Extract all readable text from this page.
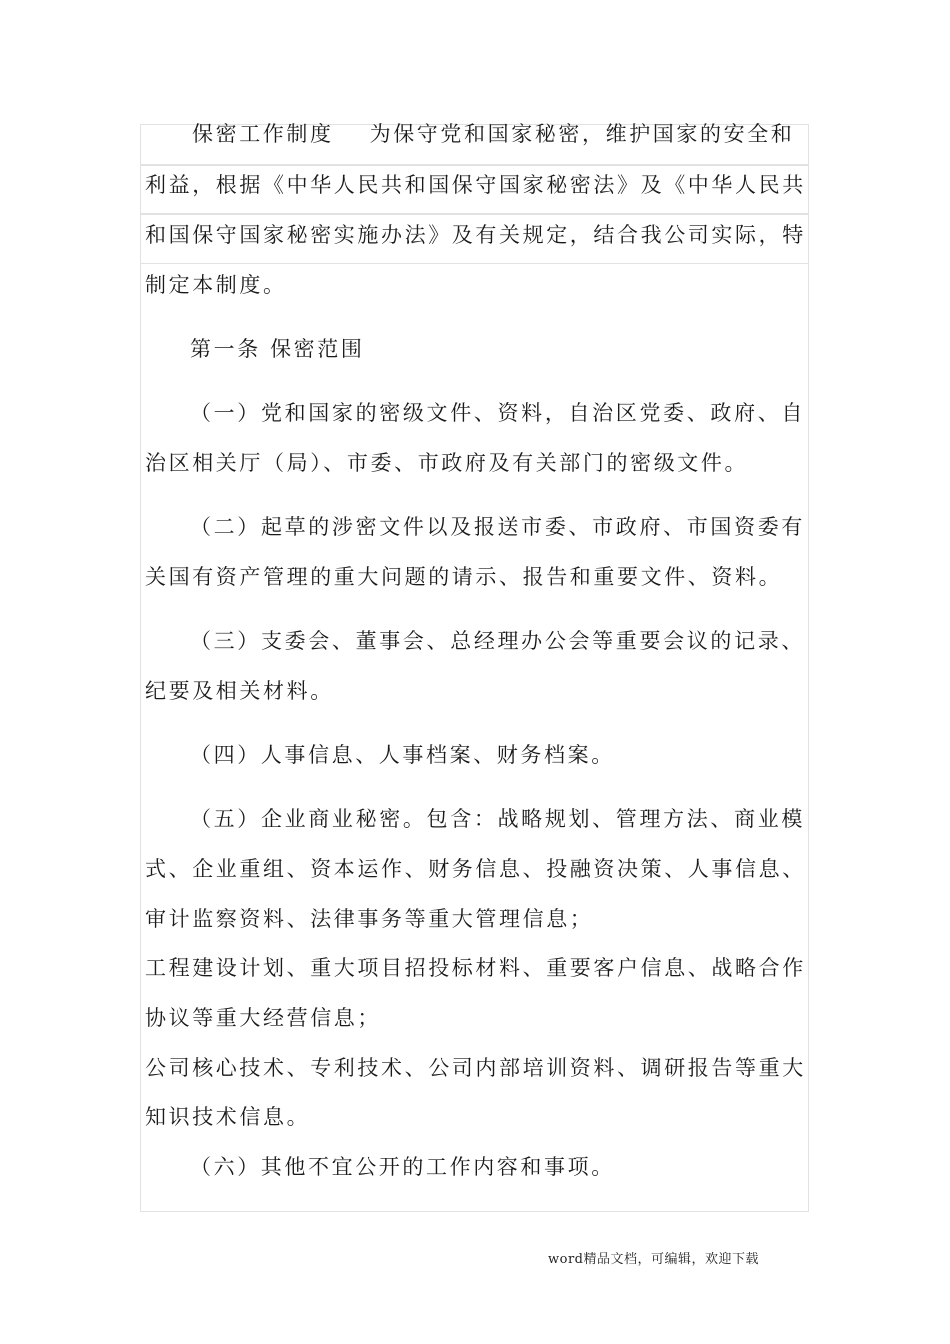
保密工作制度 为保守党和国家秘密，维护国家的安全和
利益，根据《中华人民共和国保守国家秘密法》及《中华人民共
和国保守国家秘密实施办法》及有关规定，结合我公司实际，特
制定本制度。
第一条 保密范围
（一）党和国家的密级文件、资料，自治区党委、政府、自
治区相关厅（局）、市委、市政府及有关部门的密级文件。
（二）起草的涉密文件以及报送市委、市政府、市国资委有
关国有资产管理的重大问题的请示、报告和重要文件、资料。
（三）支委会、董事会、总经理办公会等重要会议的记录、
纪要及相关材料。
（四）人事信息、人事档案、财务档案。
（五）企业商业秘密。包含：战略规划、管理方法、商业模
式、企业重组、资本运作、财务信息、投融资决策、人事信息、
审计监察资料、法律事务等重大管理信息；
工程建设计划、重大项目招投标材料、重要客户信息、战略合作
协议等重大经营信息；
公司核心技术、专利技术、公司内部培训资料、调研报告等重大
知识技术信息。
（六）其他不宜公开的工作内容和事项。
word精品文档，可编辑，欢迎下载
